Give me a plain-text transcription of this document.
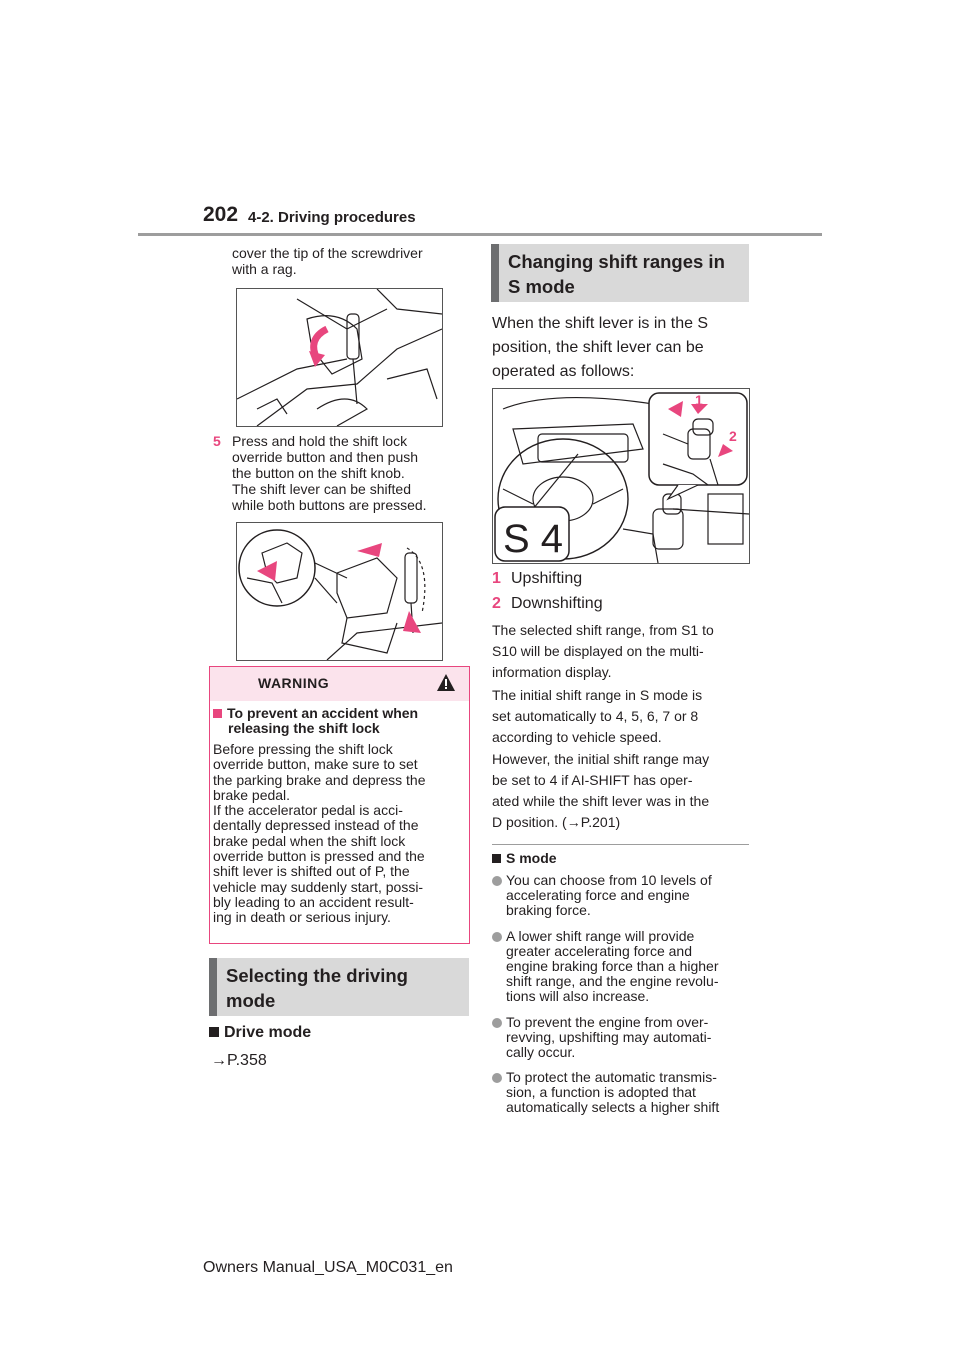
202 4-2. Driving procedures
cover the tip of the screwdriver
with a rag.
5 Press and hold the shift lock
override button and then push
the button on the shift knob.
The shift lever can be shifted
while both buttons are pressed.
WARNING
To prevent an accident when
releasing the shift lock
Before pressing the shift lock
override button, make sure to set
the parking brake and depress the
brake pedal.
If the accelerator pedal is acci-
dentally depressed instead of the
brake pedal when the shift lock
override button is pressed and the
shift lever is shifted out of P, the
vehicle may suddenly start, possi-
bly leading to an accident result-
ing in death or serious injury.
Selecting the driving
mode
Drive mode
→P.358
Changing shift ranges in
S mode
When the shift lever is in the S
position, the shift lever can be
operated as follows:
1
2
S 4
1 Upshifting
2 Downshifting
The selected shift range, from S1 to
S10 will be displayed on the multi-
information display.
The initial shift range in S mode is
set automatically to 4, 5, 6, 7 or 8
according to vehicle speed.
However, the initial shift range may
be set to 4 if AI-SHIFT has oper-
ated while the shift lever was in the
D position. (→P.201)
S mode
You can choose from 10 levels of
accelerating force and engine
braking force.
A lower shift range will provide
greater accelerating force and
engine braking force than a higher
shift range, and the engine revolu-
tions will also increase.
To prevent the engine from over-
revving, upshifting may automati-
cally occur.
To protect the automatic transmis-
sion, a function is adopted that
automatically selects a higher shift
Owners Manual_USA_M0C031_en
